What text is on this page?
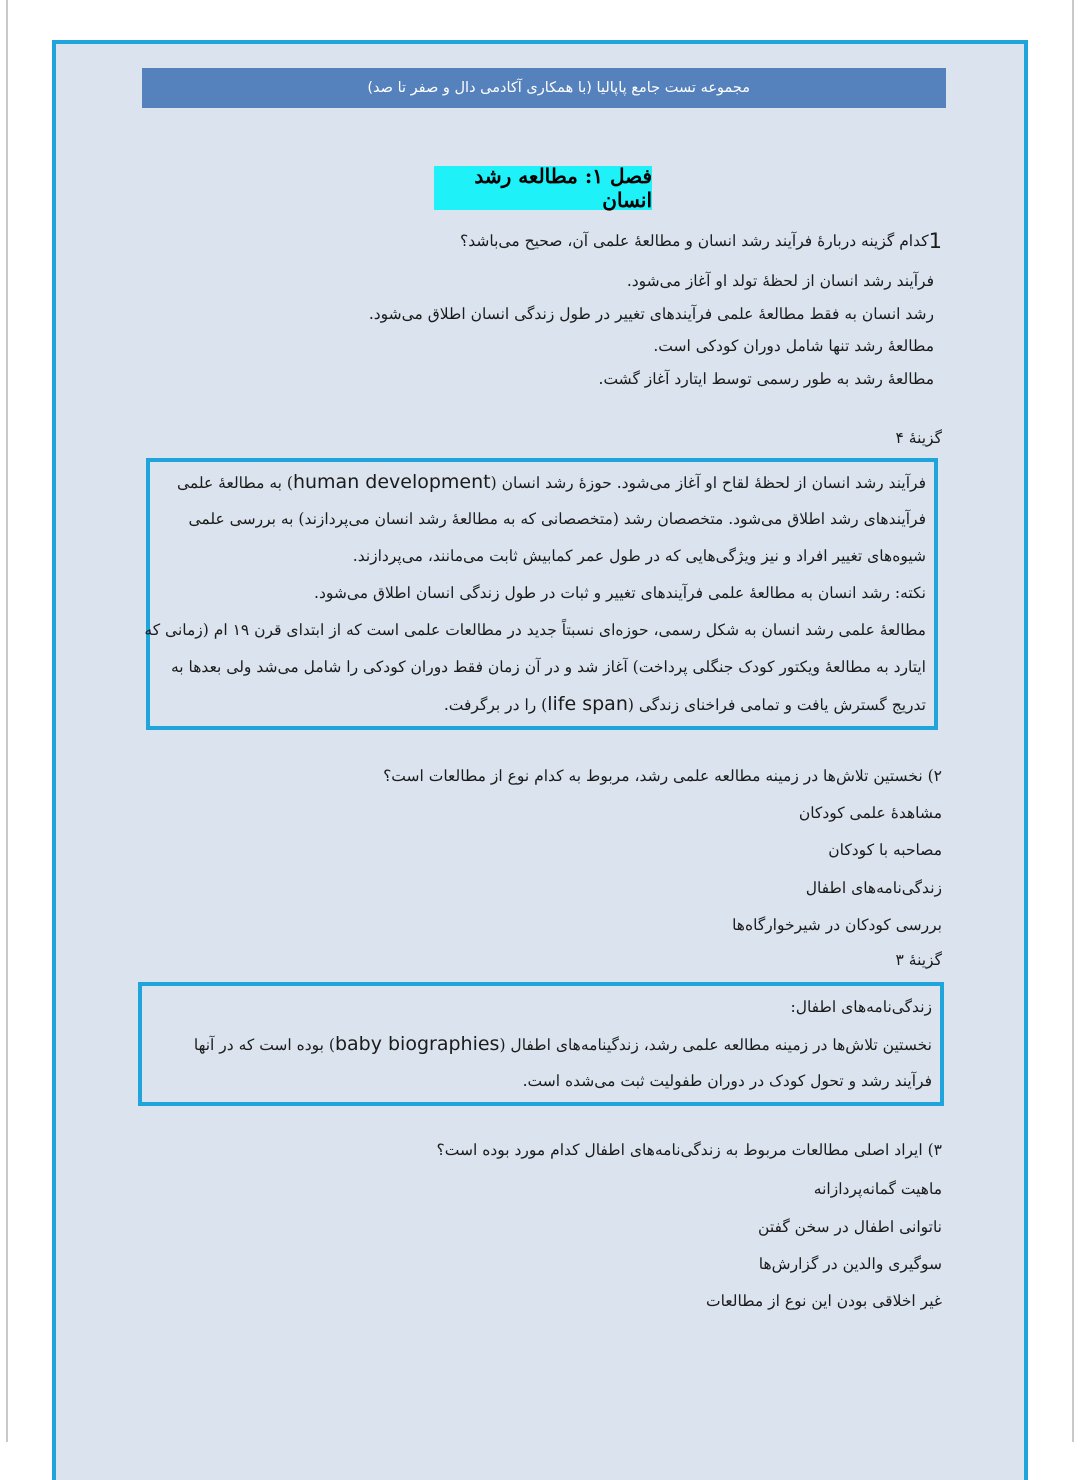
مجموعه تست جامع پاپالیا (با همکاری آکادمی دال و صفر تا صد)
فصل ۱: مطالعه رشد انسان
1کدام گزینه دربارهٔ فرآیند رشد انسان و مطالعهٔ علمی آن، صحیح می‌باشد؟
فرآیند رشد انسان از لحظهٔ تولد او آغاز می‌شود.
رشد انسان به فقط مطالعهٔ علمی فرآیندهای تغییر در طول زندگی انسان اطلاق می‌شود.
مطالعهٔ رشد تنها شامل دوران کودکی است.
مطالعهٔ رشد به طور رسمی توسط ایتارد آغاز گشت.
گزینهٔ ۴
فرآیند رشد انسان از لحظهٔ لقاح او آغاز می‌شود. حوزهٔ رشد انسان (human development) به مطالعهٔ علمی
فرآیندهای رشد اطلاق می‌شود. متخصصان رشد (متخصصانی که به مطالعهٔ رشد انسان می‌پردازند) به بررسی علمی
شیوه‌های تغییر افراد و نیز ویژگی‌هایی که در طول عمر کمابیش ثابت می‌مانند، می‌پردازند.
نکته: رشد انسان به مطالعهٔ علمی فرآیندهای تغییر و ثبات در طول زندگی انسان اطلاق می‌شود.
مطالعهٔ علمی رشد انسان به شکل رسمی، حوزه‌ای نسبتاً جدید در مطالعات علمی است که از ابتدای قرن ۱۹ ام (زمانی که
ایتارد به مطالعهٔ ویکتور کودک جنگلی پرداخت) آغاز شد و در آن زمان فقط دوران کودکی را شامل می‌شد ولی بعدها به
تدریج گسترش یافت و تمامی فراخنای زندگی (life span) را در برگرفت.
۲) نخستین تلاش‌ها در زمینه مطالعه علمی رشد، مربوط به کدام نوع از مطالعات است؟
مشاهدهٔ علمی کودکان
مصاحبه با کودکان
زندگی‌نامه‌های اطفال
بررسی کودکان در شیرخوارگاه‌ها
گزینهٔ ۳
زندگی‌نامه‌های اطفال:
نخستین تلاش‌ها در زمینه مطالعه علمی رشد، زندگینامه‌های اطفال (baby biographies) بوده است که در آنها
فرآیند رشد و تحول کودک در دوران طفولیت ثبت می‌شده است.
۳) ایراد اصلی مطالعات مربوط به زندگی‌نامه‌های اطفال کدام مورد بوده است؟
ماهیت گمانه‌پردازانه
ناتوانی اطفال در سخن گفتن
سوگیری والدین در گزارش‌ها
غیر اخلاقی بودن این نوع از مطالعات
